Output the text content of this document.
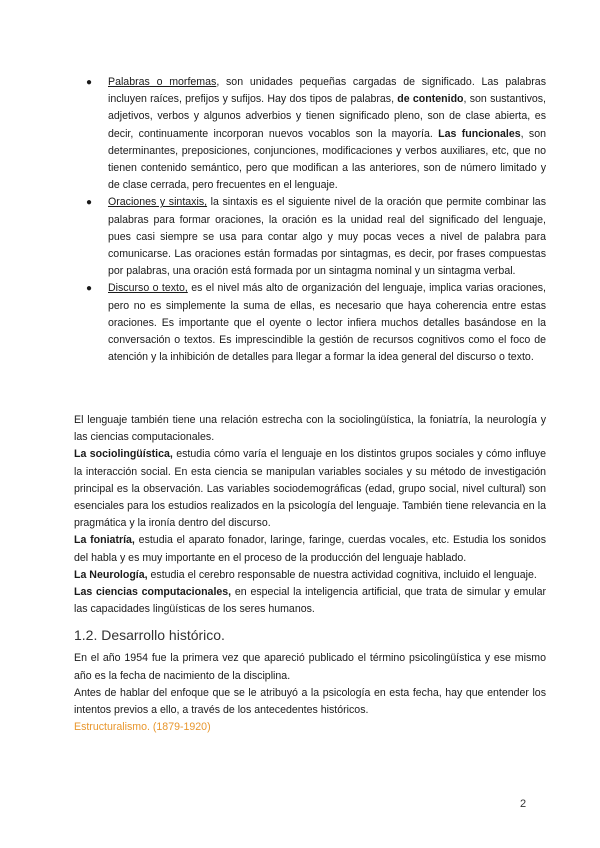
● Palabras o morfemas, son unidades pequeñas cargadas de significado. Las palabras incluyen raíces, prefijos y sufijos. Hay dos tipos de palabras, de contenido, son sustantivos, adjetivos, verbos y algunos adverbios y tienen significado pleno, son de clase abierta, es decir, continuamente incorporan nuevos vocablos son la mayoría. Las funcionales, son determinantes, preposiciones, conjunciones, modificaciones y verbos auxiliares, etc, que no tienen contenido semántico, pero que modifican a las anteriores, son de número limitado y de clase cerrada, pero frecuentes en el lenguaje.
● Oraciones y sintaxis, la sintaxis es el siguiente nivel de la oración que permite combinar las palabras para formar oraciones, la oración es la unidad real del significado del lenguaje, pues casi siempre se usa para contar algo y muy pocas veces a nivel de palabra para comunicarse. Las oraciones están formadas por sintagmas, es decir, por frases compuestas por palabras, una oración está formada por un sintagma nominal y un sintagma verbal.
● Discurso o texto, es el nivel más alto de organización del lenguaje, implica varias oraciones, pero no es simplemente la suma de ellas, es necesario que haya coherencia entre estas oraciones. Es importante que el oyente o lector infiera muchos detalles basándose en la conversación o textos. Es imprescindible la gestión de recursos cognitivos como el foco de atención y la inhibición de detalles para llegar a formar la idea general del discurso o texto.

El lenguaje también tiene una relación estrecha con la sociolingüística, la foniatría, la neurología y las ciencias computacionales.

La sociolingüística, estudia cómo varía el lenguaje en los distintos grupos sociales y cómo influye la interacción social. En esta ciencia se manipulan variables sociales y su método de investigación principal es la observación. Las variables sociodemográficas (edad, grupo social, nivel cultural) son esenciales para los estudios realizados en la psicología del lenguaje. También tiene relevancia en la pragmática y la ironía dentro del discurso.

La foniatría, estudia el aparato fonador, laringe, faringe, cuerdas vocales, etc. Estudia los sonidos del habla y es muy importante en el proceso de la producción del lenguaje hablado.

La Neurología, estudia el cerebro responsable de nuestra actividad cognitiva, incluido el lenguaje.

Las ciencias computacionales, en especial la inteligencia artificial, que trata de simular y emular las capacidades lingüísticas de los seres humanos.

1.2. Desarrollo histórico.

En el año 1954 fue la primera vez que apareció publicado el término psicolingüística y ese mismo año es la fecha de nacimiento de la disciplina.

Antes de hablar del enfoque que se le atribuyó a la psicología en esta fecha, hay que entender los intentos previos a ello, a través de los antecedentes históricos.

Estructuralismo. (1879-1920)

2
